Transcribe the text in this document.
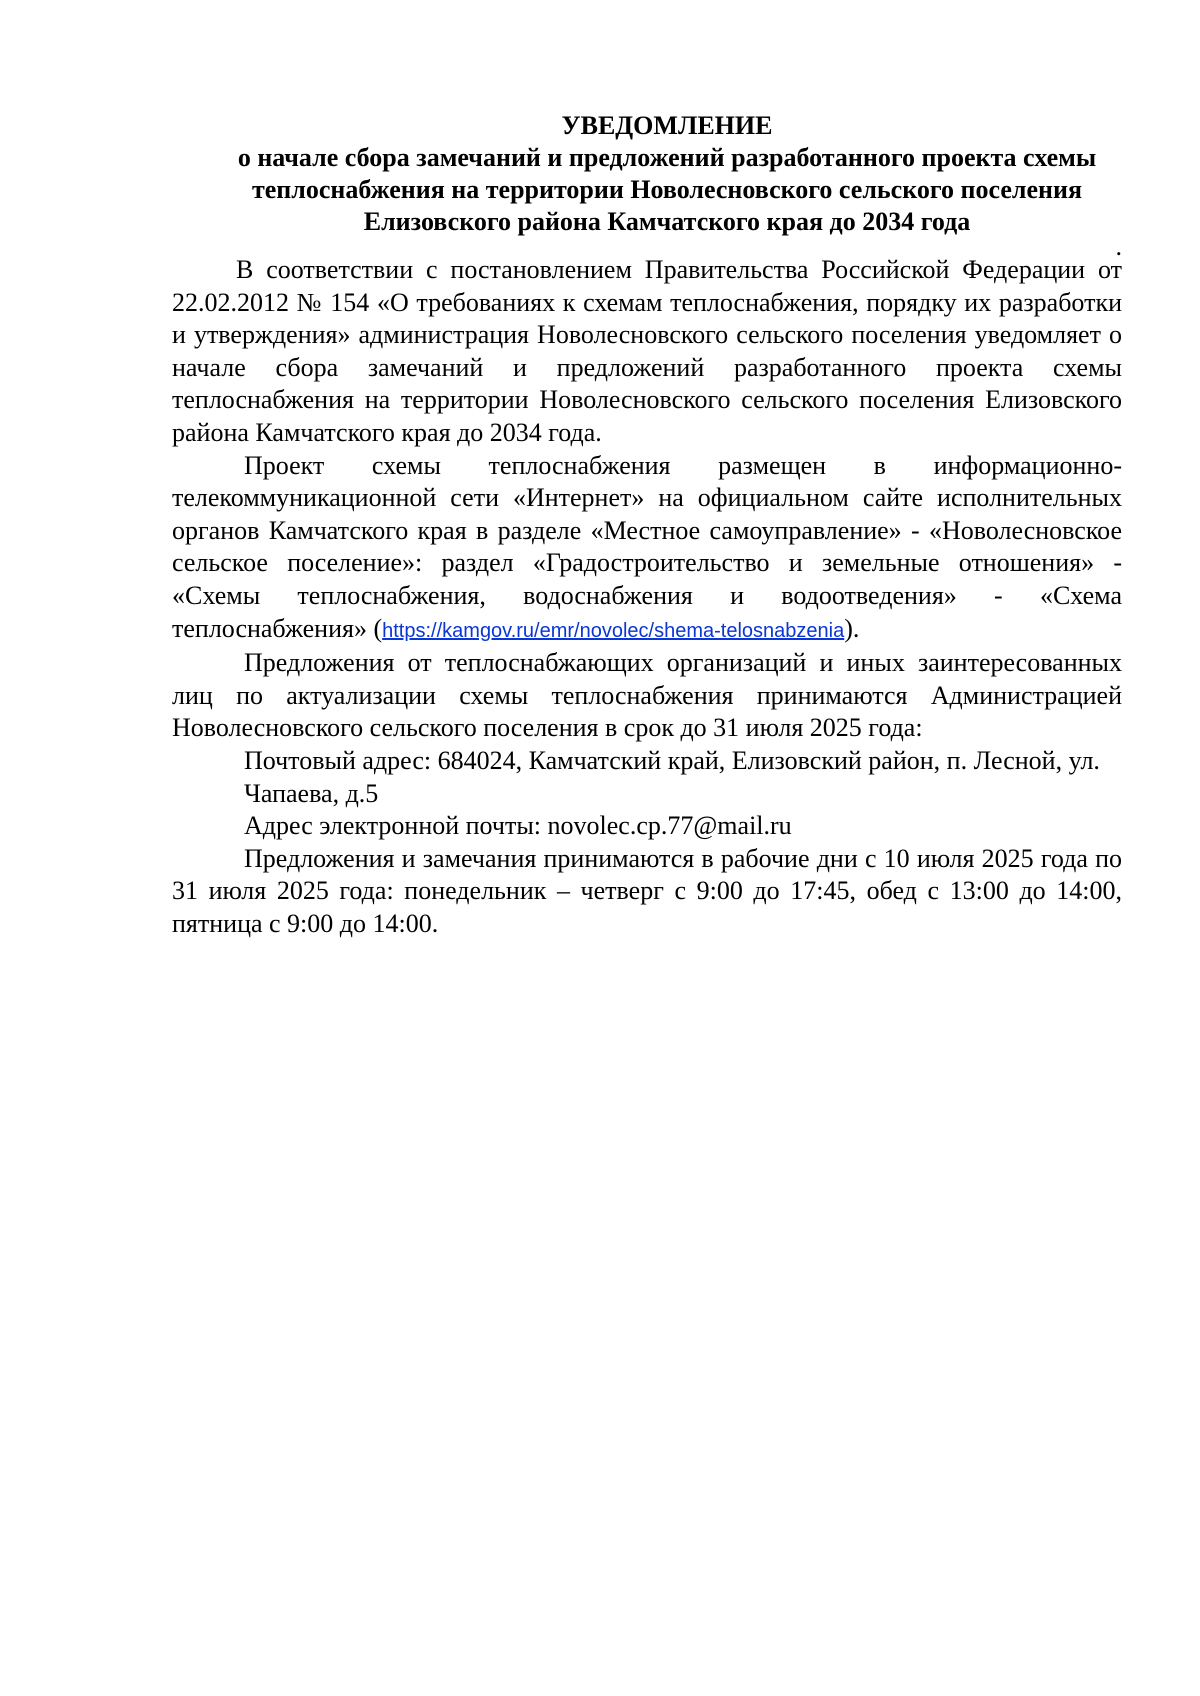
УВЕДОМЛЕНИЕ
о начале сбора замечаний и предложений разработанного проекта схемы
теплоснабжения на территории Новолесновского сельского поселения
Елизовского района Камчатского края до 2034 года
.

В соответствии с постановлением Правительства Российской Федерации от 22.02.2012 № 154 «О требованиях к схемам теплоснабжения, порядку их разработки и утверждения» администрация Новолесновского сельского поселения уведомляет о начале сбора замечаний и предложений разработанного проекта схемы теплоснабжения на территории Новолесновского сельского поселения Елизовского района Камчатского края до 2034 года.

Проект схемы теплоснабжения размещен в информационно-телекоммуникационной сети «Интернет» на официальном сайте исполнительных органов Камчатского края в разделе «Местное самоуправление» - «Новолесновское сельское поселение»: раздел «Градостроительство и земельные отношения» - «Схемы теплоснабжения, водоснабжения и водоотведения» - «Схема теплоснабжения» (https://kamgov.ru/emr/novolec/shema-telosnabzenia).

Предложения от теплоснабжающих организаций и иных заинтересованных лиц по актуализации схемы теплоснабжения принимаются Администрацией Новолесновского сельского поселения в срок до 31 июля 2025 года:

Почтовый адрес: 684024, Камчатский край, Елизовский район, п. Лесной, ул.

Чапаева, д.5

Адрес электронной почты: novolec.cp.77@mail.ru

Предложения и замечания принимаются в рабочие дни с 10 июля 2025 года по 31 июля 2025 года: понедельник – четверг с 9:00 до 17:45, обед с 13:00 до 14:00, пятница с 9:00 до 14:00.
